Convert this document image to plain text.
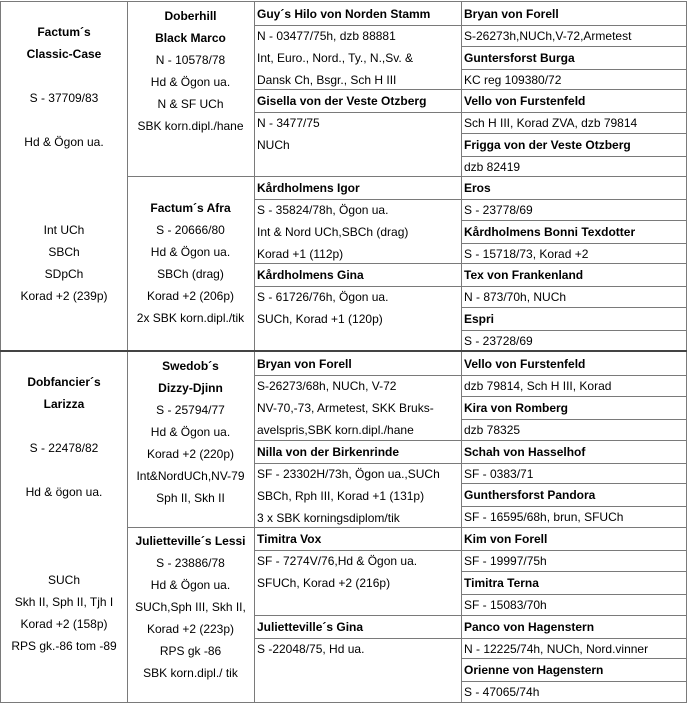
Factum´s
Classic-Case
S - 37709/83
Hd & Ögon ua.
Int UCh
SBCh
SDpCh
Korad +2 (239p)
Doberhill
Black Marco
N - 10578/78
Hd & Ögon ua.
N & SF UCh
SBK korn.dipl./hane
Factum´s Afra
S - 20666/80
Hd & Ögon ua.
SBCh (drag)
Korad +2 (206p)
2x SBK korn.dipl./tik
Guy´s Hilo von Norden Stamm
N - 03477/75h, dzb 88881
Int, Euro., Nord., Ty., N.,Sv. &
Dansk Ch, Bsgr., Sch H III
Gisella von der Veste Otzberg
N - 3477/75
NUCh
Kårdholmens Igor
S - 35824/78h, Ögon ua.
Int & Nord UCh,SBCh (drag)
Korad +1 (112p)
Kårdholmens Gina
S - 61726/76h, Ögon ua.
SUCh, Korad +1 (120p)
Bryan von Forell
S-26273h,NUCh,V-72,Armetest
Guntersforst Burga
KC reg 109380/72
Vello von Furstenfeld
Sch H III, Korad ZVA, dzb 79814
Frigga von der Veste Otzberg
dzb 82419
Eros
S - 23778/69
Kårdholmens Bonni Texdotter
S - 15718/73, Korad +2
Tex von Frankenland
N - 873/70h, NUCh
Espri
S - 23728/69
Dobfancier´s
Larizza
S - 22478/82
Hd & ögon ua.
SUCh
Skh II, Sph II, Tjh I
Korad +2 (158p)
RPS gk.-86 tom -89
Swedob´s
Dizzy-Djinn
S - 25794/77
Hd & Ögon ua.
Korad +2 (220p)
Int&NordUCh,NV-79
Sph II, Skh II
Julietteville´s Lessi
S - 23886/78
Hd & Ögon ua.
SUCh,Sph III, Skh II,
Korad +2 (223p)
RPS gk -86
SBK korn.dipl./ tik
Bryan von Forell
S-26273/68h, NUCh, V-72
NV-70,-73, Armetest, SKK Bruks-
avelspris,SBK korn.dipl./hane
Nilla von der Birkenrinde
SF - 23302H/73h, Ögon ua.,SUCh
SBCh, Rph III, Korad +1 (131p)
3 x SBK korningsdiplom/tik
Timitra Vox
SF - 7274V/76,Hd & Ögon ua.
SFUCh, Korad +2 (216p)
Julietteville´s Gina
S -22048/75, Hd ua.
Vello von Furstenfeld
dzb 79814, Sch H III, Korad
Kira von Romberg
dzb 78325
Schah von Hasselhof
SF - 0383/71
Gunthersforst Pandora
SF - 16595/68h, brun, SFUCh
Kim von Forell
SF - 19997/75h
Timitra Terna
SF - 15083/70h
Panco von Hagenstern
N - 12225/74h, NUCh, Nord.vinner
Orienne von Hagenstern
S - 47065/74h
